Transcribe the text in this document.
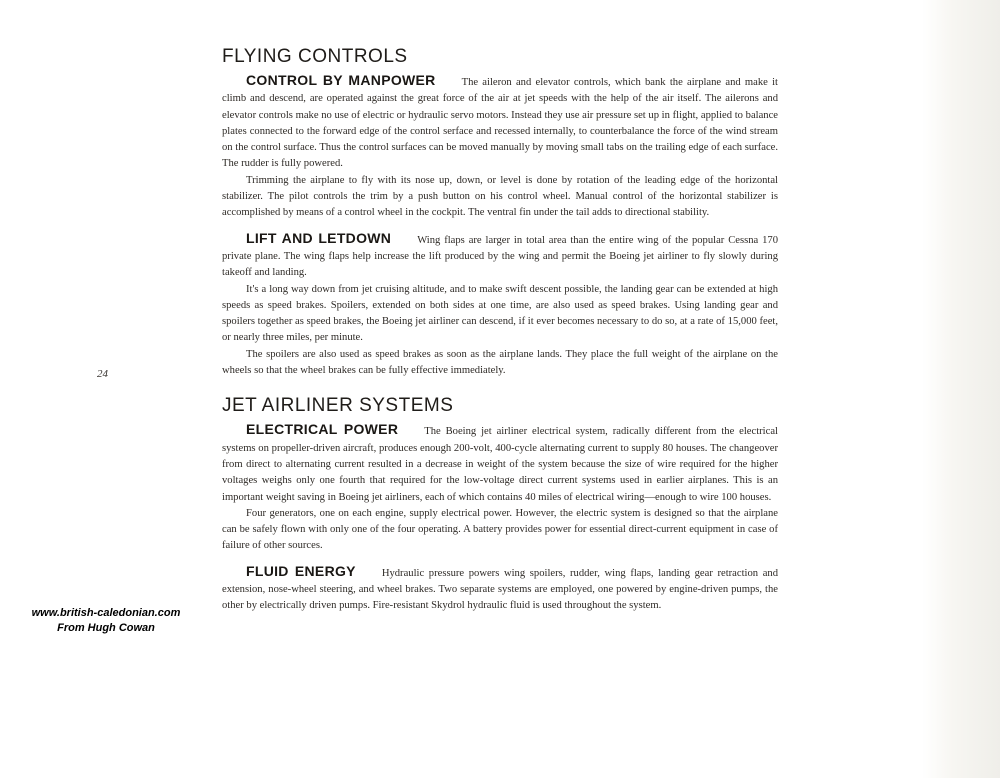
24
www.british-caledonian.com
From Hugh Cowan
FLYING CONTROLS

CONTROL BY MANPOWER The aileron and elevator controls, which bank the airplane and make it climb and descend, are operated against the great force of the air at jet speeds with the help of the air itself. The ailerons and elevator controls make no use of electric or hydraulic servo motors. Instead they use air pressure set up in flight, applied to balance plates connected to the forward edge of the control serface and recessed internally, to counterbalance the force of the wind stream on the control surface. Thus the control surfaces can be moved manually by moving small tabs on the trailing edge of each surface. The rudder is fully powered.

Trimming the airplane to fly with its nose up, down, or level is done by rotation of the leading edge of the horizontal stabilizer. The pilot controls the trim by a push button on his control wheel. Manual control of the horizontal stabilizer is accomplished by means of a control wheel in the cockpit. The ventral fin under the tail adds to directional stability.

LIFT AND LETDOWN Wing flaps are larger in total area than the entire wing of the popular Cessna 170 private plane. The wing flaps help increase the lift produced by the wing and permit the Boeing jet airliner to fly slowly during takeoff and landing.

It's a long way down from jet cruising altitude, and to make swift descent possible, the landing gear can be extended at high speeds as speed brakes. Spoilers, extended on both sides at one time, are also used as speed brakes. Using landing gear and spoilers together as speed brakes, the Boeing jet airliner can descend, if it ever becomes necessary to do so, at a rate of 15,000 feet, or nearly three miles, per minute.

The spoilers are also used as speed brakes as soon as the airplane lands. They place the full weight of the airplane on the wheels so that the wheel brakes can be fully effective immediately.

JET AIRLINER SYSTEMS

ELECTRICAL POWER The Boeing jet airliner electrical system, radically different from the electrical systems on propeller-driven aircraft, produces enough 200-volt, 400-cycle alternating current to supply 80 houses. The changeover from direct to alternating current resulted in a decrease in weight of the system because the size of wire required for the higher voltages weighs only one fourth that required for the low-voltage direct current systems used in earlier airplanes. This is an important weight saving in Boeing jet airliners, each of which contains 40 miles of electrical wiring—enough to wire 100 houses.

Four generators, one on each engine, supply electrical power. However, the electric system is designed so that the airplane can be safely flown with only one of the four operating. A battery provides power for essential direct-current equipment in case of failure of other sources.

FLUID ENERGY Hydraulic pressure powers wing spoilers, rudder, wing flaps, landing gear retraction and extension, nose-wheel steering, and wheel brakes. Two separate systems are employed, one powered by engine-driven pumps, the other by electrically driven pumps. Fire-resistant Skydrol hydraulic fluid is used throughout the system.
